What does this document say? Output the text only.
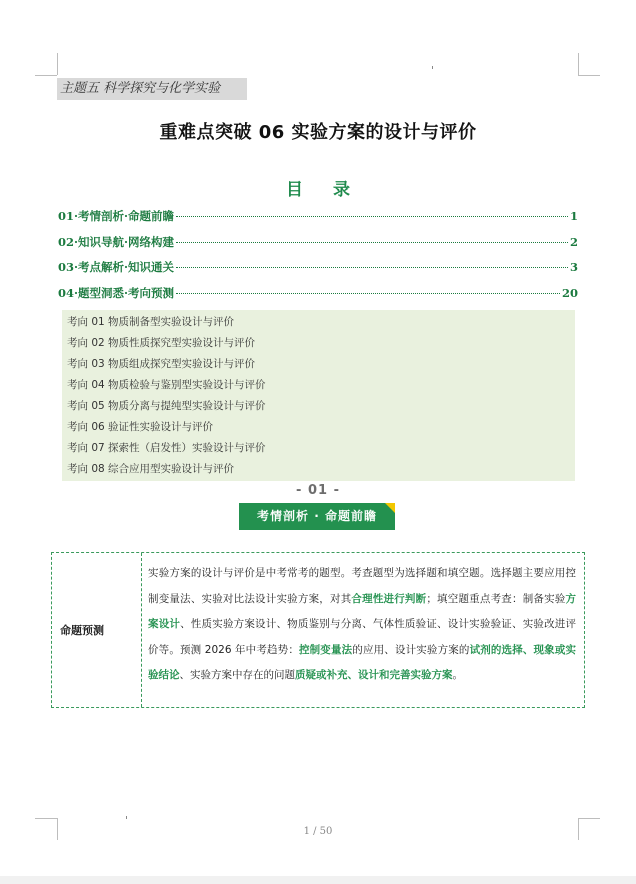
主题五 科学探究与化学实验
重难点突破 06 实验方案的设计与评价
目 录
01·考情剖析·命题前瞻	1
02·知识导航·网络构建	2
03·考点解析·知识通关	3
04·题型洞悉·考向预测	20
考向 01 物质制备型实验设计与评价
考向 02 物质性质探究型实验设计与评价
考向 03 物质组成探究型实验设计与评价
考向 04 物质检验与鉴别型实验设计与评价
考向 05 物质分离与提纯型实验设计与评价
考向 06 验证性实验设计与评价
考向 07 探索性（启发性）实验设计与评价
考向 08 综合应用型实验设计与评价
- 01 -
考情剖析 · 命题前瞻
命题预测
实验方案的设计与评价是中考常考的题型。考查题型为选择题和填空题。选择题主要应用控制变量法、实验对比法设计实验方案，对其合理性进行判断；填空题重点考查：制备实验方案设计、性质实验方案设计、物质鉴别与分离、气体性质验证、设计实验验证、实验改进评价等。预测 2026 年中考趋势：控制变量法的应用、设计实验方案的试剂的选择、现象或实验结论、实验方案中存在的问题质疑或补充、设计和完善实验方案。
1 / 50
